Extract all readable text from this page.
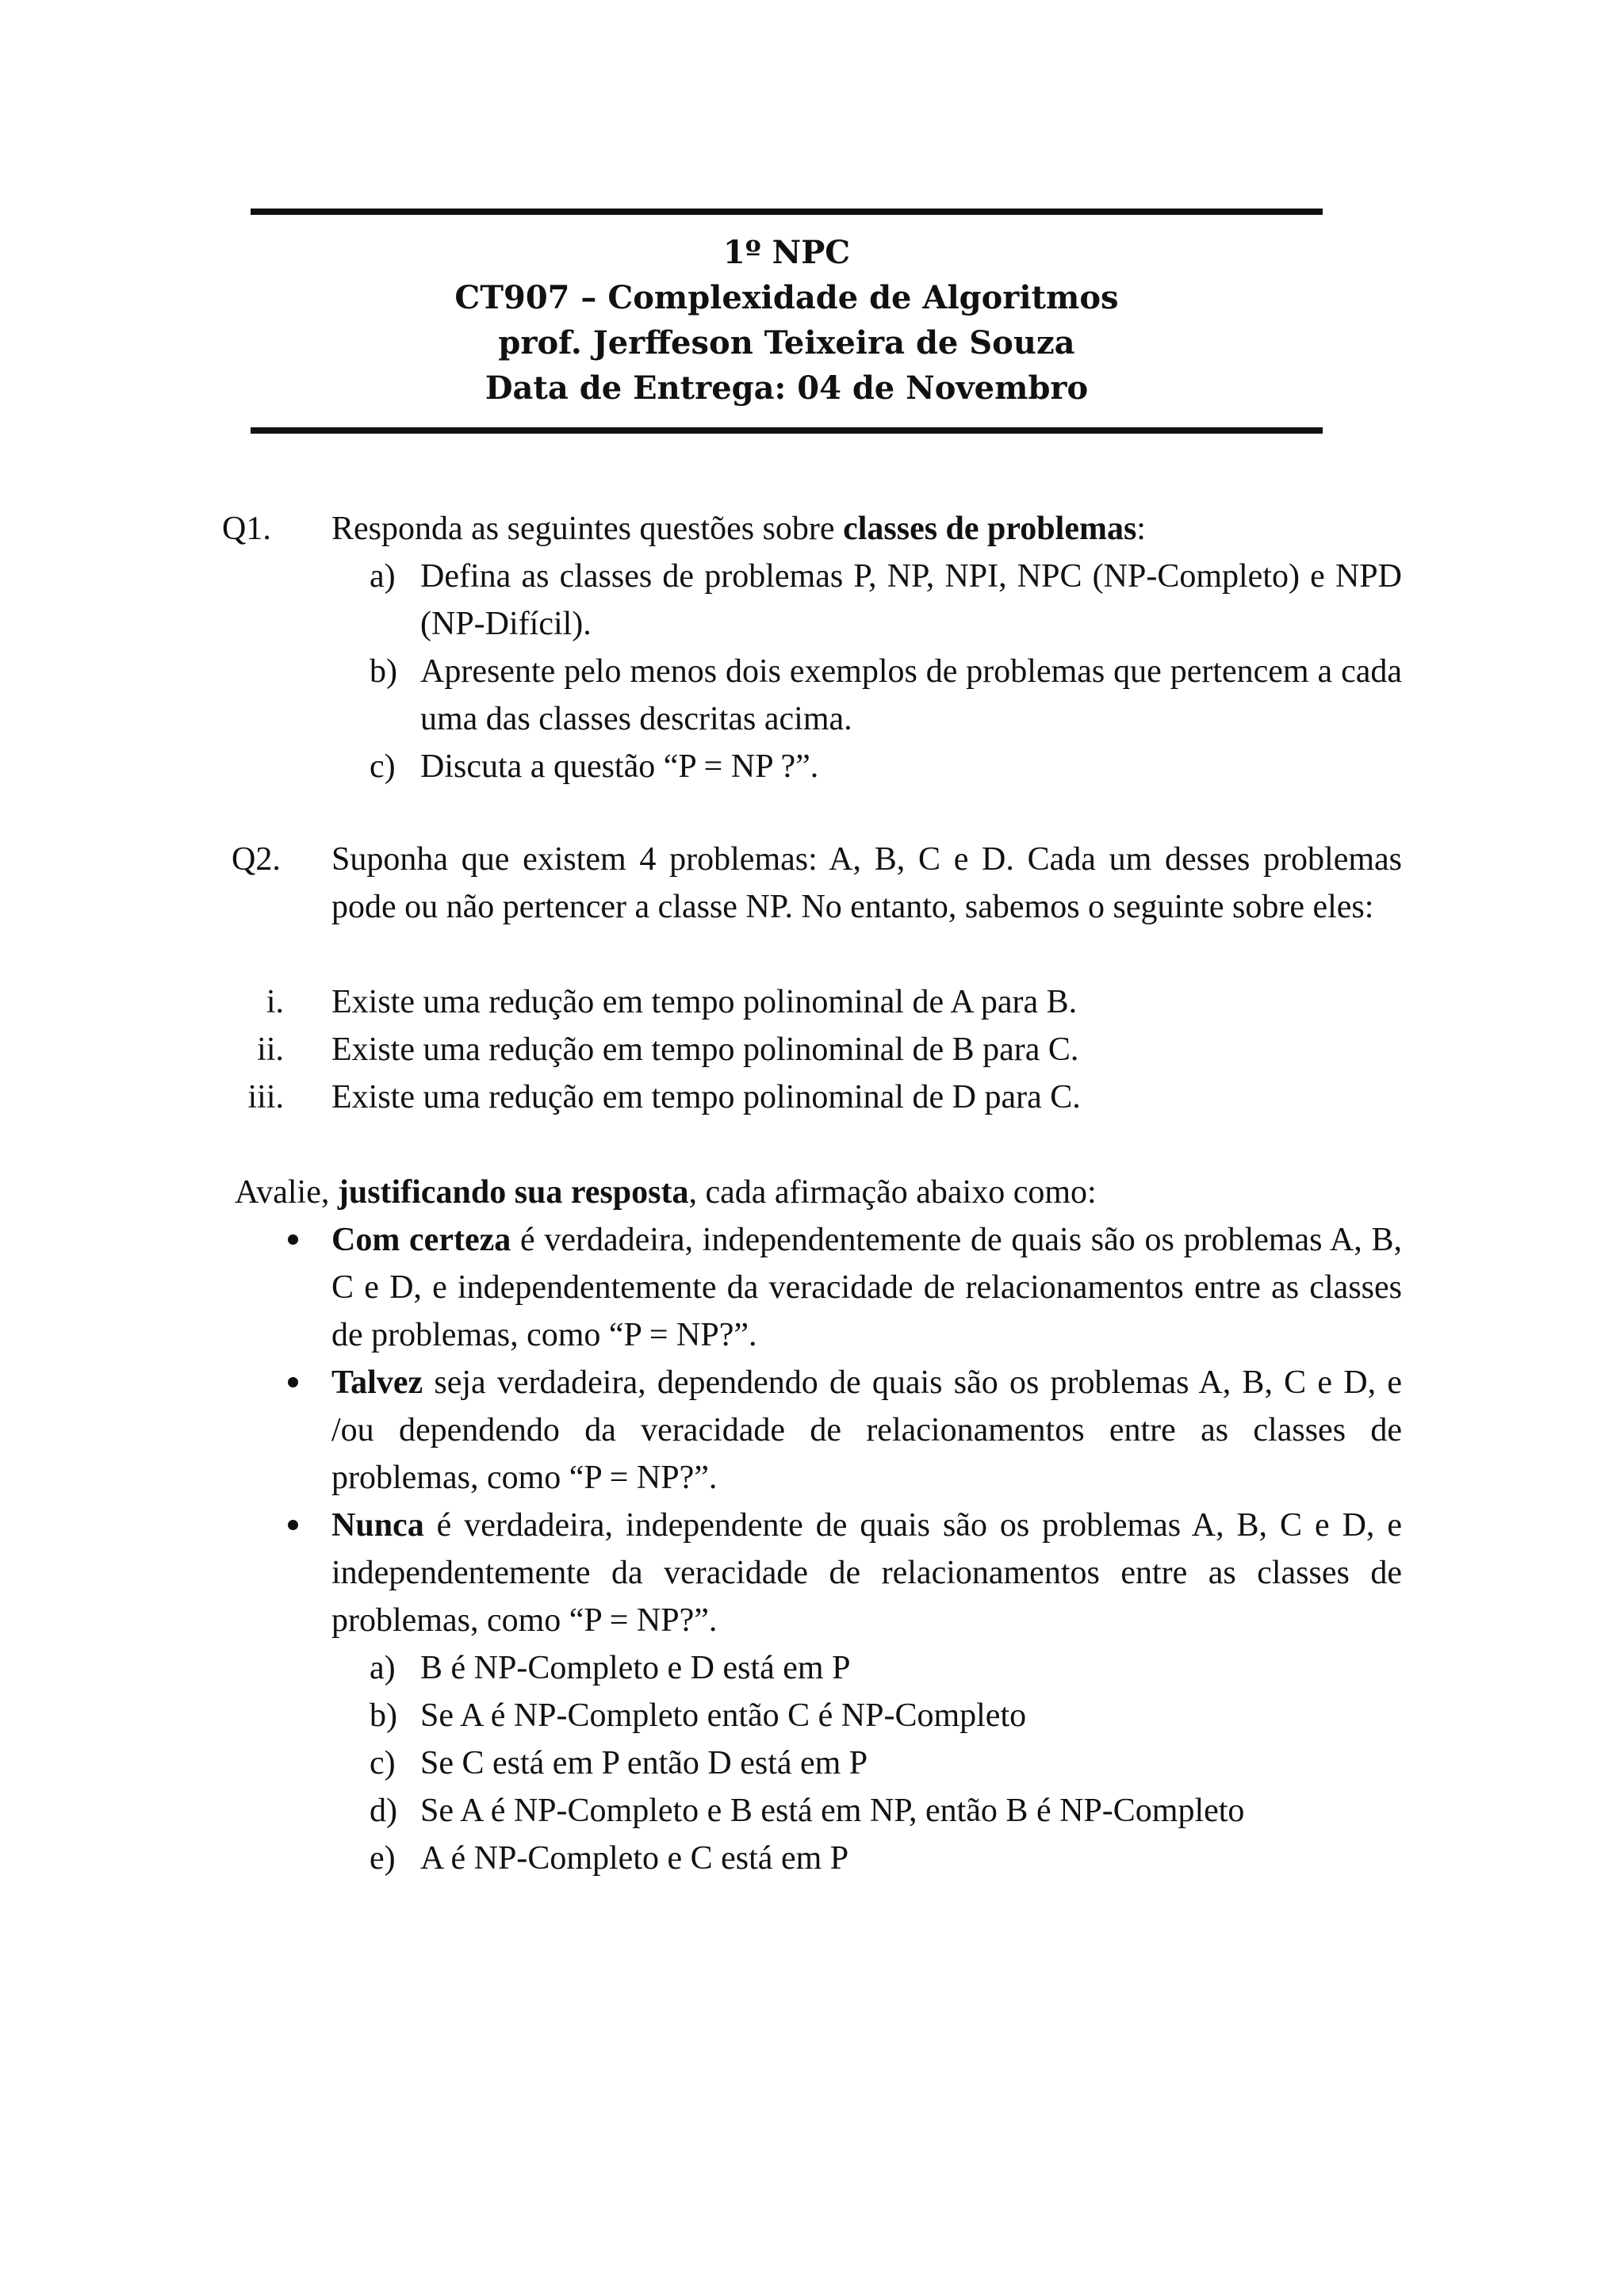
1º NPC
CT907 – Complexidade de Algoritmos
prof. Jerffeson Teixeira de Souza
Data de Entrega: 04 de Novembro
Q1. Responda as seguintes questões sobre classes de problemas:
a) Defina as classes de problemas P, NP, NPI, NPC (NP-Completo) e NPD (NP-Difícil).
b) Apresente pelo menos dois exemplos de problemas que pertencem a cada uma das classes descritas acima.
c) Discuta a questão “P = NP ?”.
Q2. Suponha que existem 4 problemas: A, B, C e D. Cada um desses problemas pode ou não pertencer a classe NP. No entanto, sabemos o seguinte sobre eles:
i. Existe uma redução em tempo polinominal de A para B.
ii. Existe uma redução em tempo polinominal de B para C.
iii. Existe uma redução em tempo polinominal de D para C.
Avalie, justificando sua resposta, cada afirmação abaixo como:
Com certeza é verdadeira, independentemente de quais são os problemas A, B, C e D, e independentemente da veracidade de relacionamentos entre as classes de problemas, como “P = NP?”.
Talvez seja verdadeira, dependendo de quais são os problemas A, B, C e D, e /ou dependendo da veracidade de relacionamentos entre as classes de problemas, como “P = NP?”.
Nunca é verdadeira, independente de quais são os problemas A, B, C e D, e independentemente da veracidade de relacionamentos entre as classes de problemas, como “P = NP?”.
a) B é NP-Completo e D está em P
b) Se A é NP-Completo então C é NP-Completo
c) Se C está em P então D está em P
d) Se A é NP-Completo e B está em NP, então B é NP-Completo
e) A é NP-Completo e C está em P
